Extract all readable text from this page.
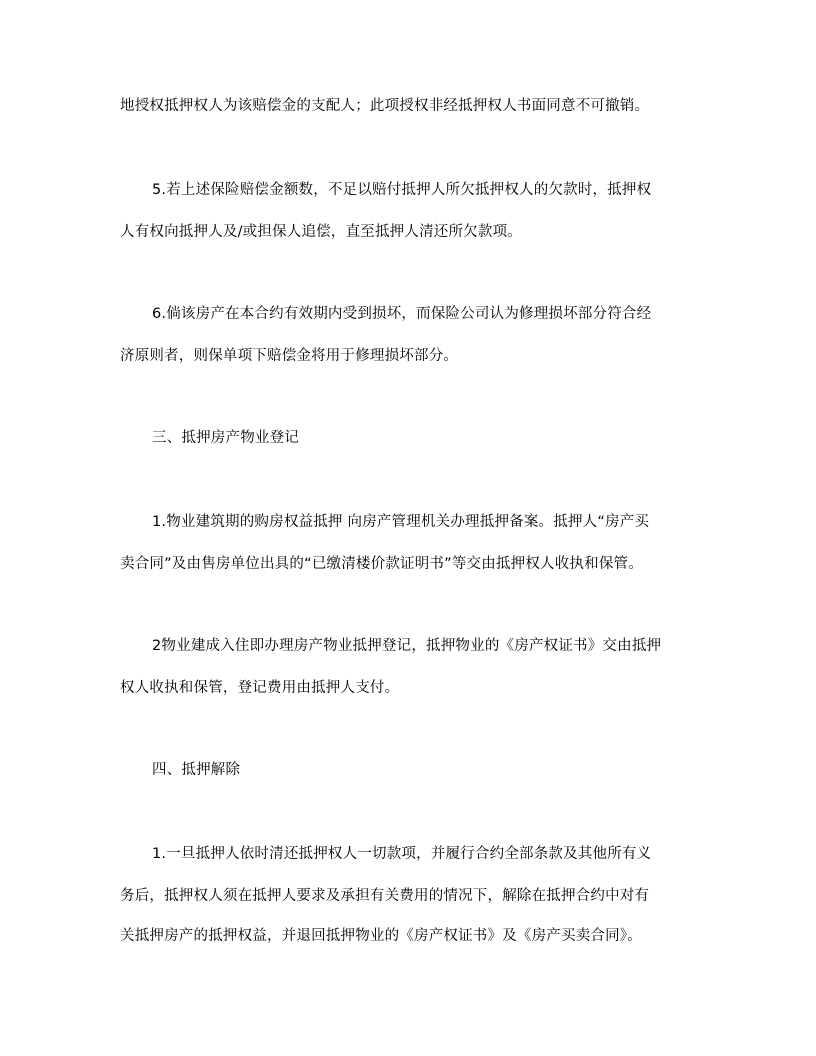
地授权抵押权人为该赔偿金的支配人；此项授权非经抵押权人书面同意不可撤销。
5.若上述保险赔偿金额数，不足以赔付抵押人所欠抵押权人的欠款时，抵押权
人有权向抵押人及/或担保人追偿，直至抵押人清还所欠款项。
6.倘该房产在本合约有效期内受到损坏，而保险公司认为修理损坏部分符合经
济原则者，则保单项下赔偿金将用于修理损坏部分。
三、抵押房产物业登记
1.物业建筑期的购房权益抵押 向房产管理机关办理抵押备案。抵押人“房产买
卖合同”及由售房单位出具的“已缴清楼价款证明书”等交由抵押权人收执和保管。
2物业建成入住即办理房产物业抵押登记，抵押物业的《房产权证书》交由抵押
权人收执和保管，登记费用由抵押人支付。
四、抵押解除
1.一旦抵押人依时清还抵押权人一切款项，并履行合约全部条款及其他所有义
务后，抵押权人须在抵押人要求及承担有关费用的情况下，解除在抵押合约中对有
关抵押房产的抵押权益，并退回抵押物业的《房产权证书》及《房产买卖合同》。
